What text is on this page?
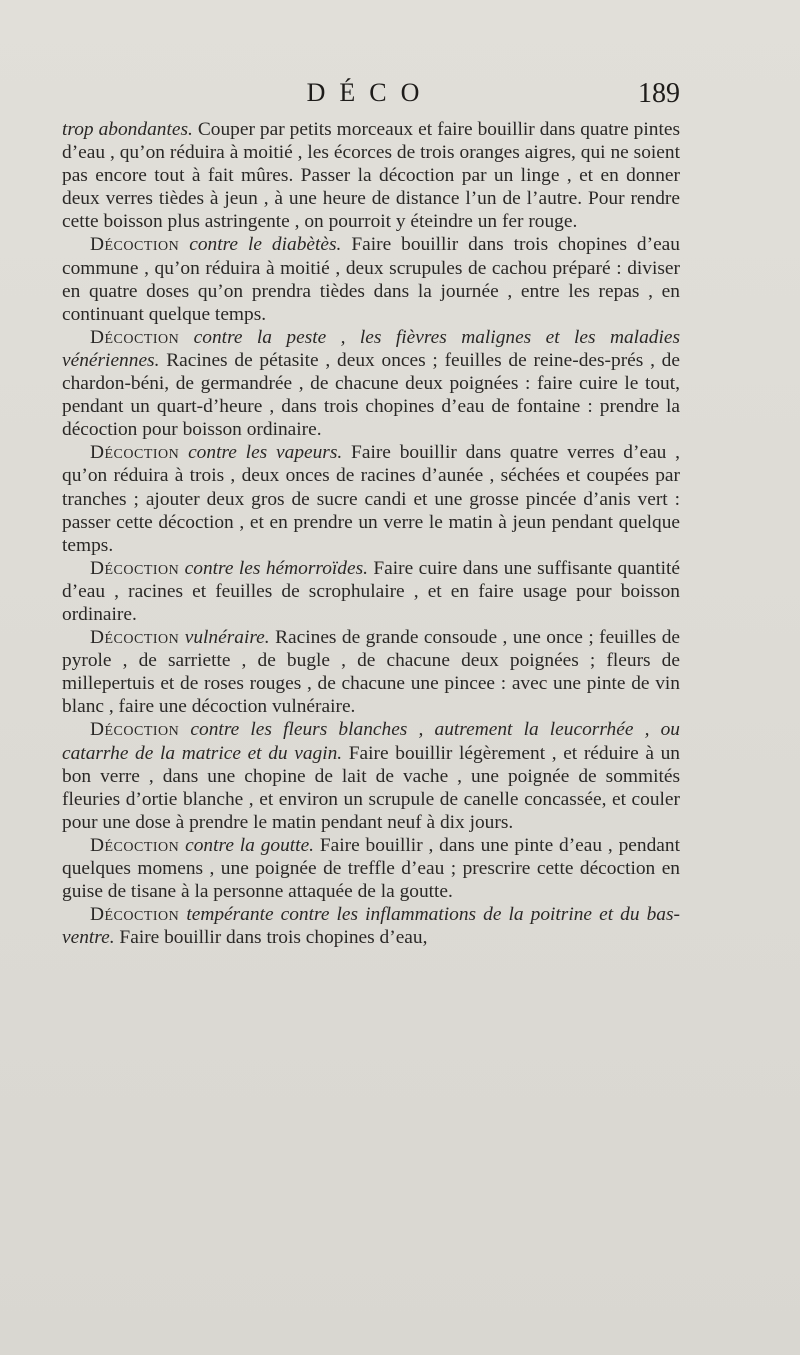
DÉCO	189

trop abondantes. Couper par petits morceaux et faire bouillir dans quatre pintes d’eau , qu’on réduira à moitié , les écorces de trois oranges aigres, qui ne soient pas encore tout à fait mûres. Passer la décoction par un linge , et en donner deux verres tièdes à jeun , à une heure de distance l’un de l’autre. Pour rendre cette boisson plus astringente , on pourroit y éteindre un fer rouge.

Décoction contre le diabètès. Faire bouillir dans trois chopines d’eau commune , qu’on réduira à moitié , deux scrupules de cachou préparé : diviser en quatre doses qu’on prendra tièdes dans la journée , entre les repas , en continuant quelque temps.

Décoction contre la peste , les fièvres malignes et les maladies vénériennes. Racines de pétasite , deux onces ; feuilles de reine-des-prés , de chardon-béni, de germandrée , de chacune deux poignées : faire cuire le tout, pendant un quart-d’heure , dans trois chopines d’eau de fontaine : prendre la décoction pour boisson ordinaire.

Décoction contre les vapeurs. Faire bouillir dans quatre verres d’eau , qu’on réduira à trois , deux onces de racines d’aunée , séchées et coupées par tranches ; ajouter deux gros de sucre candi et une grosse pincée d’anis vert : passer cette décoction , et en prendre un verre le matin à jeun pendant quelque temps.

Décoction contre les hémorroïdes. Faire cuire dans une suffisante quantité d’eau , racines et feuilles de scrophulaire , et en faire usage pour boisson ordinaire.

Décoction vulnéraire. Racines de grande consoude , une once ; feuilles de pyrole , de sarriette , de bugle , de chacune deux poignées ; fleurs de millepertuis et de roses rouges , de chacune une pincee : avec une pinte de vin blanc , faire une décoction vulnéraire.

Décoction contre les fleurs blanches , autrement la leucorrhée , ou catarrhe de la matrice et du vagin. Faire bouillir légèrement , et réduire à un bon verre , dans une chopine de lait de vache , une poignée de sommités fleuries d’ortie blanche , et environ un scrupule de canelle concassée, et couler pour une dose à prendre le matin pendant neuf à dix jours.

Décoction contre la goutte. Faire bouillir , dans une pinte d’eau , pendant quelques momens , une poignée de treffle d’eau ; prescrire cette décoction en guise de tisane à la personne attaquée de la goutte.

Décoction tempérante contre les inflammations de la poitrine et du bas-ventre. Faire bouillir dans trois chopines d’eau,
